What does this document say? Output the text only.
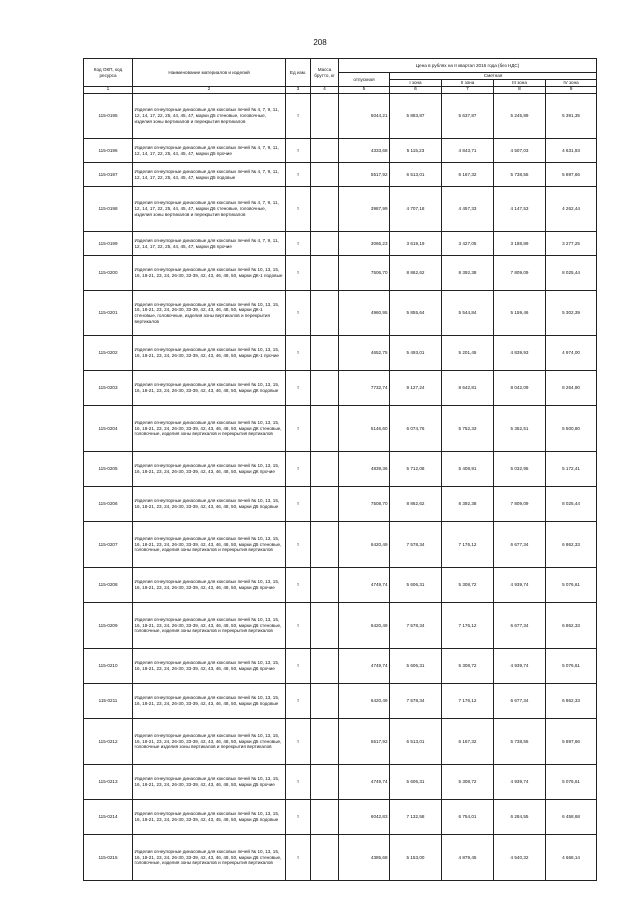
208
Код ОКП, код ресурса	Наименование материалов и изделий	Ед изм.	Масса брутто, кг	Цена в рублях на II квартал 2016 года (без НДС)				
				отпускная	Сметная			
					I зона	II зона	III зона	IV зона
1	2	3	4	5	6	7	8	9
115-0195	Изделия огнеупорные динасовые для коксовых печей № 4, 7, 9, 11, 12, 14, 17, 22, 25, 44, 45, 47, марки Д5 стеновые, головочные, изделия зоны вертикалов и перекрытия вертикалов	т		5044,21	5 883,87	5 637,87	5 245,89	5 391,35
115-0196	Изделия огнеупорные динасовые для коксовых печей № 4, 7, 9, 11, 12, 14, 17, 22, 25, 44, 45, 47, марки Д5 прочие	т		4333,68	5 115,23	4 843,71	4 507,03	4 631,93
115-0197	Изделия огнеупорные динасовые для коксовых печей № 4, 7, 9, 11, 12, 14, 17, 22, 25, 44, 45, 47, марки Д5 подовые	т		5517,92	6 513,01	6 167,32	5 738,55	5 897,66
115-0198	Изделия огнеупорные динасовые для коксовых печей № 4, 7, 9, 11, 12, 14, 17, 22, 25, 44, 45, 47, марки Д6 стеновые, головочные, изделия зоны вертикалов и перекрытия вертикалов	т		3987,99	4 707,18	4 457,33	4 147,53	4 262,44
115-0199	Изделия огнеупорные динасовые для коксовых печей № 4, 7, 9, 11, 12, 14, 17, 22, 25, 44, 45, 47, марки Д6 прочие	т		3066,23	3 619,19	3 427,05	3 188,89	3 277,25
115-0200	Изделия огнеупорные динасовые для коксовых печей № 10, 13, 15, 16, 18-21, 23, 24, 26-30, 33-39, 42, 43, 46, 48, 50, марки ДК-1 подовые	т		7506,70	8 862,62	8 392,38	7 809,09	8 025,44
115-0201	Изделия огнеупорные динасовые для коксовых печей № 10, 13, 15, 16, 18-21, 23, 24, 26-30, 33-39, 42, 43, 46, 48, 50, марки ДК-1 стеновые, головочные, изделия зоны вертикалов и перекрытия вертикалов	т		4960,95	5 855,64	5 544,84	5 159,46	5 302,39
115-0202	Изделия огнеупорные динасовые для коксовых печей № 10, 13, 15, 16, 18-21, 23, 24, 26-30, 33-39, 42, 43, 46, 48, 50, марки ДК-1 прочие	т		4652,75	5 493,01	5 201,45	4 839,93	4 974,00
115-0203	Изделия огнеупорные динасовые для коксовых печей № 10, 13, 15, 16, 18-21, 23, 24, 26-30, 33-39, 42, 43, 46, 48, 50, марки ДК подовые	т		7732,74	9 127,24	8 642,81	8 042,09	8 264,90
115-0204	Изделия огнеупорные динасовые для коксовых печей № 10, 13, 15, 16, 18-21, 23, 24, 26-30, 33-39, 42, 43, 46, 48, 50, марки ДК стеновые, головочные, изделия зоны вертикалов и перекрытия вертикалов	т		5146,60	6 074,76	5 752,33	5 352,51	5 500,80
115-0205	Изделия огнеупорные динасовые для коксовых печей № 10, 13, 15, 16, 18-21, 23, 24, 26-30, 33-39, 42, 43, 46, 48, 50, марки ДК прочие	т		4839,36	5 712,08	5 408,91	5 032,95	5 172,41
115-0206	Изделия огнеупорные динасовые для коксовых печей № 10, 13, 15, 16, 18-21, 23, 24, 26-30, 33-39, 42, 43, 46, 48, 50, марки Д5 подовые	т		7508,70	8 862,62	8 392,38	7 809,09	8 025,44
115-0207	Изделия огнеупорные динасовые для коксовых печей № 10, 13, 15, 16, 18-21, 23, 24, 26-30, 33-39, 42, 43, 46, 48, 50, марки Д5 стеновые, головочные, изделия зоны вертикалов и перекрытия вертикалов	т		6420,49	7 578,34	7 176,12	6 677,34	6 862,33
115-0208	Изделия огнеупорные динасовые для коксовых печей № 10, 13, 15, 16, 18-21, 23, 24, 26-30, 33-39, 42, 43, 46, 48, 50, марки Д5 прочие	т		4749,74	5 606,31	5 308,72	4 939,74	5 076,61
115-0209	Изделия огнеупорные динасовые для коксовых печей № 10, 13, 15, 16, 18-21, 23, 24, 26-30, 33-39, 42, 43, 46, 48, 50, марки Д6 стеновые, головочные, изделия зоны вертикалов и перекрытия вертикалов	т		6420,49	7 578,34	7 176,12	6 677,34	6 862,33
115-0210	Изделия огнеупорные динасовые для коксовых печей № 10, 13, 15, 16, 18-21, 23, 24, 26-30, 33-39, 42, 43, 46, 48, 50, марки Д6 прочие	т		4749,74	5 606,31	5 308,72	4 939,74	5 076,61
115-0211	Изделия огнеупорные динасовые для коксовых печей № 10, 13, 15, 16, 18-21, 23, 24, 26-30, 33-39, 42, 43, 46, 48, 50, марки Д6 подовые	т		6420,49	7 578,34	7 176,12	6 677,34	6 862,33
115-0212	Изделия огнеупорные динасовые для коксовых печей № 10, 13, 15, 16, 18-21, 23, 24, 26-30, 33-39, 42, 43, 46, 48, 50, марки Д5 стеновые, головочные изделия зоны вертикалов и перекрытия вертикалов	т		5517,92	6 513,01	6 167,32	5 738,55	5 897,66
115-0213	Изделия огнеупорные динасовые для коксовых печей № 10, 13, 15, 16, 18-21, 23, 24, 26-30, 33-39, 42, 43, 46, 48, 50, марки Д5 прочие	т		4749,74	5 606,31	5 308,72	4 939,74	5 076,61
115-0214	Изделия огнеупорные динасовые для коксовых печей № 10, 13, 15, 16, 18-21, 23, 24, 26-30, 33-39, 42, 43, 45, 48, 50, марки Д5 подовые	т		6042,83	7 132,58	6 754,01	6 284,55	6 458,68
115-0215	Изделия огнеупорные динасовые для коксовых печей № 10, 13, 15, 16, 18-21, 23, 24, 26-30, 33-39, 42, 43, 46, 48, 50, марки Д6 стеновые, головочные, изделия зоны вертикалов и перекрытия вертикалов	т		4385,68	5 153,00	4 879,45	4 540,32	4 666,14
